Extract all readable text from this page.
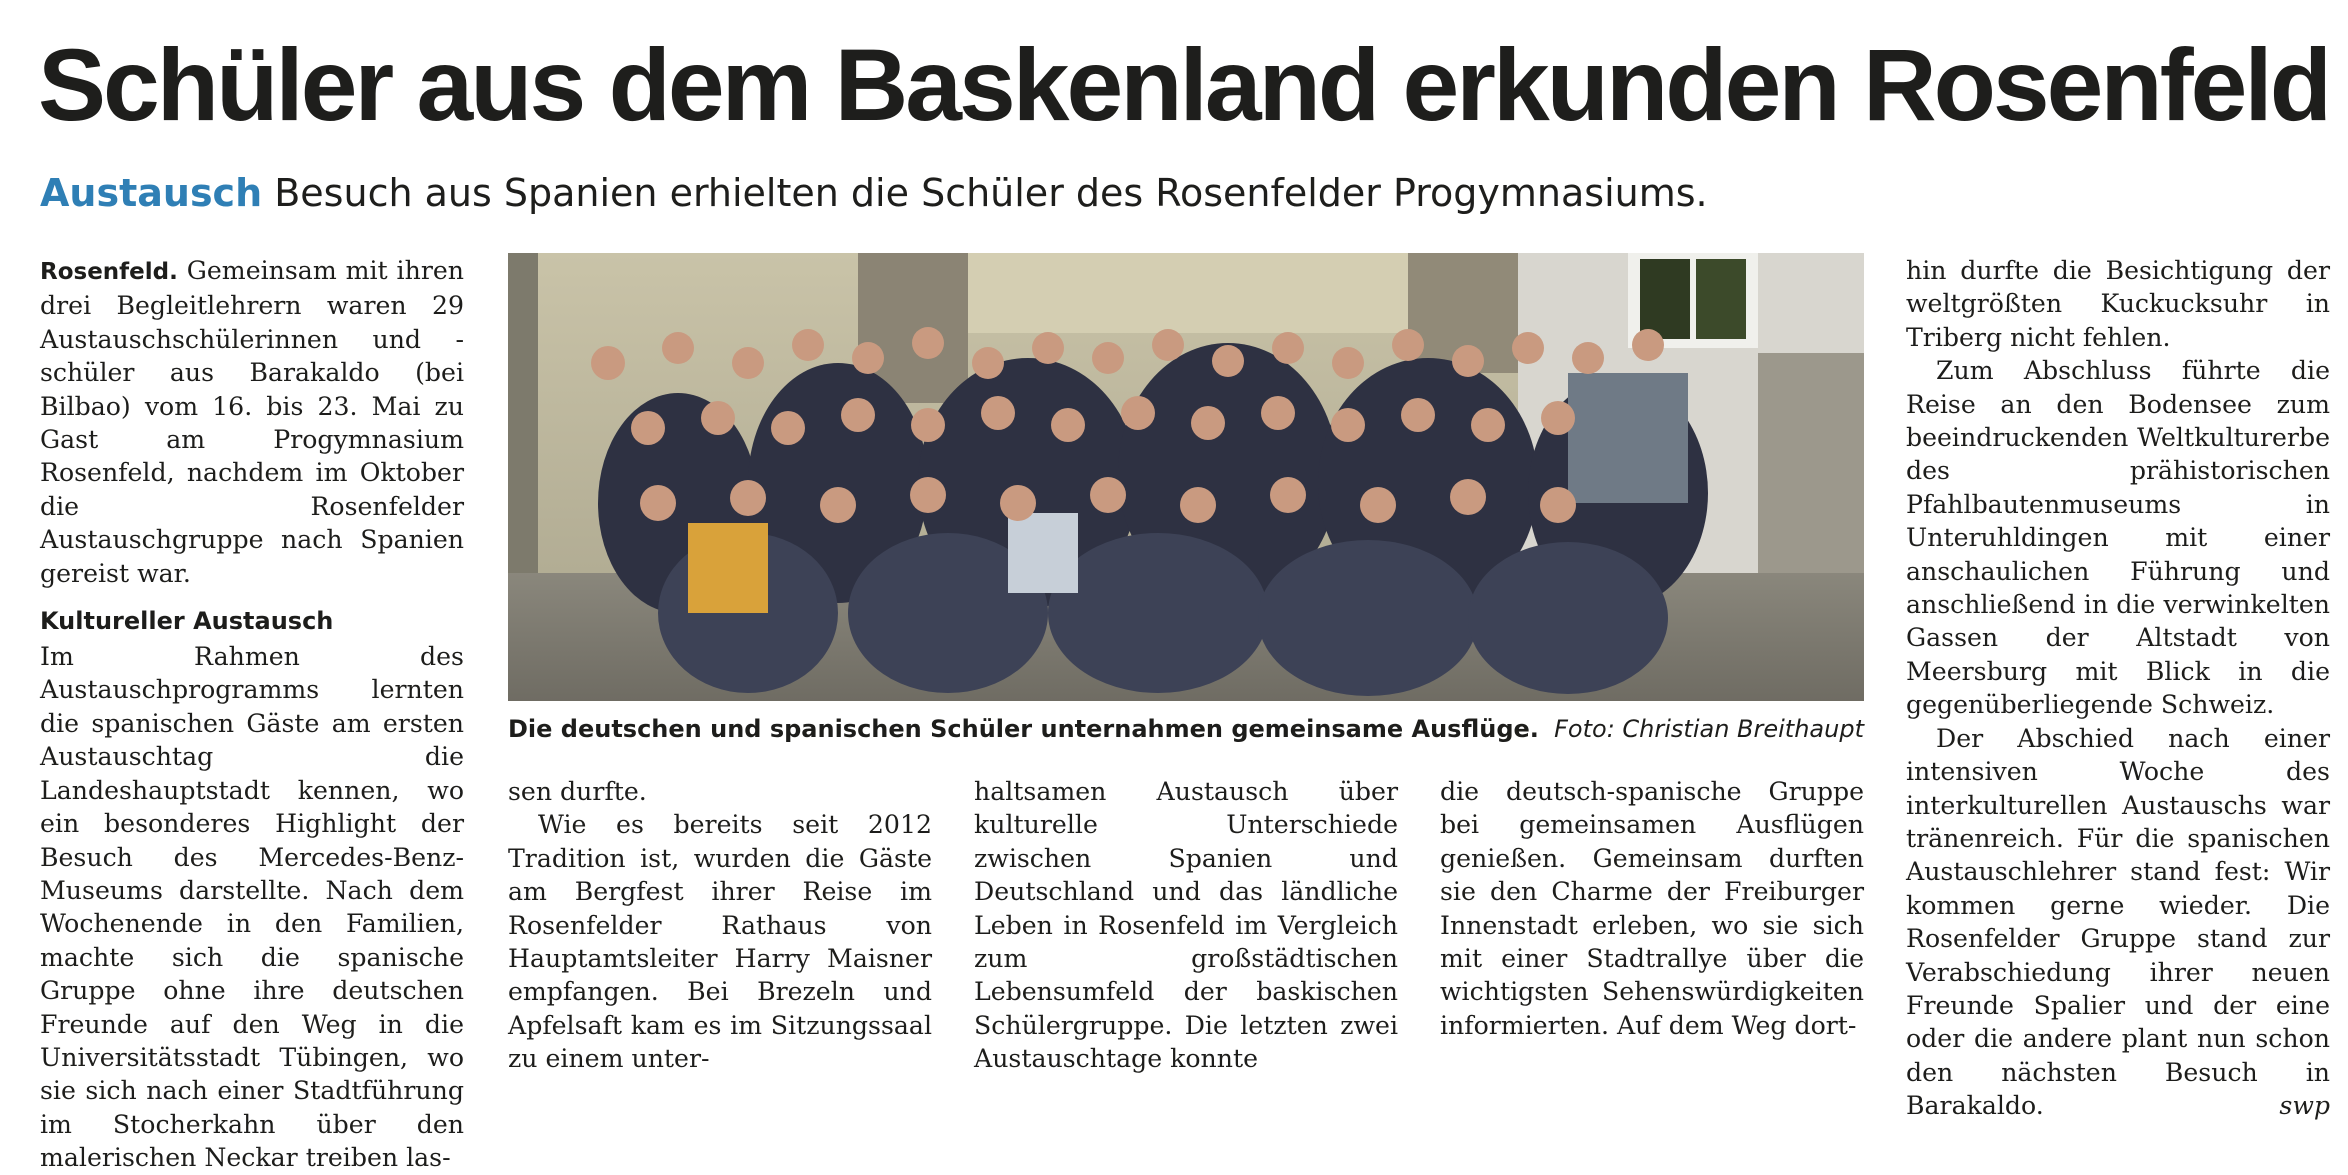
Schüler aus dem Baskenland erkunden Rosenfeld
Austausch Besuch aus Spanien erhielten die Schüler des Rosenfelder Progymnasiums.

Rosenfeld. Gemeinsam mit ihren drei Begleitlehrern waren 29 Austauschschülerinnen und -schüler aus Barakaldo (bei Bilbao) vom 16. bis 23. Mai zu Gast am Progymnasium Rosenfeld, nachdem im Oktober die Rosenfelder Austauschgruppe nach Spanien gereist war.

Kultureller Austausch

Im Rahmen des Austauschprogramms lernten die spanischen Gäste am ersten Austauschtag die Landeshauptstadt kennen, wo ein besonderes Highlight der Besuch des Mercedes-Benz-Museums darstellte. Nach dem Wochenende in den Familien, machte sich die spanische Gruppe ohne ihre deutschen Freunde auf den Weg in die Universitätsstadt Tübingen, wo sie sich nach einer Stadtführung im Stocherkahn über den malerischen Neckar treiben las-

Die deutschen und spanischen Schüler unternahmen gemeinsame Ausflüge. Foto: Christian Breithaupt

sen durfte.

Wie es bereits seit 2012 Tradition ist, wurden die Gäste am Bergfest ihrer Reise im Rosenfelder Rathaus von Hauptamtsleiter Harry Maisner empfangen. Bei Brezeln und Apfelsaft kam es im Sitzungssaal zu einem unter-

haltsamen Austausch über kulturelle Unterschiede zwischen Spanien und Deutschland und das ländliche Leben in Rosenfeld im Vergleich zum großstädtischen Lebensumfeld der baskischen Schülergruppe. Die letzten zwei Austauschtage konnte

die deutsch-spanische Gruppe bei gemeinsamen Ausflügen genießen. Gemeinsam durften sie den Charme der Freiburger Innenstadt erleben, wo sie sich mit einer Stadtrallye über die wichtigsten Sehenswürdigkeiten informierten. Auf dem Weg dort-

hin durfte die Besichtigung der weltgrößten Kuckucksuhr in Triberg nicht fehlen.

Zum Abschluss führte die Reise an den Bodensee zum beeindruckenden Weltkulturerbe des prähistorischen Pfahlbautenmuseums in Unteruhldingen mit einer anschaulichen Führung und anschließend in die verwinkelten Gassen der Altstadt von Meersburg mit Blick in die gegenüberliegende Schweiz.

Der Abschied nach einer intensiven Woche des interkulturellen Austauschs war tränenreich. Für die spanischen Austauschlehrer stand fest: Wir kommen gerne wieder. Die Rosenfelder Gruppe stand zur Verabschiedung ihrer neuen Freunde Spalier und der eine oder die andere plant nun schon den nächsten Besuch in Barakaldo.	swp
